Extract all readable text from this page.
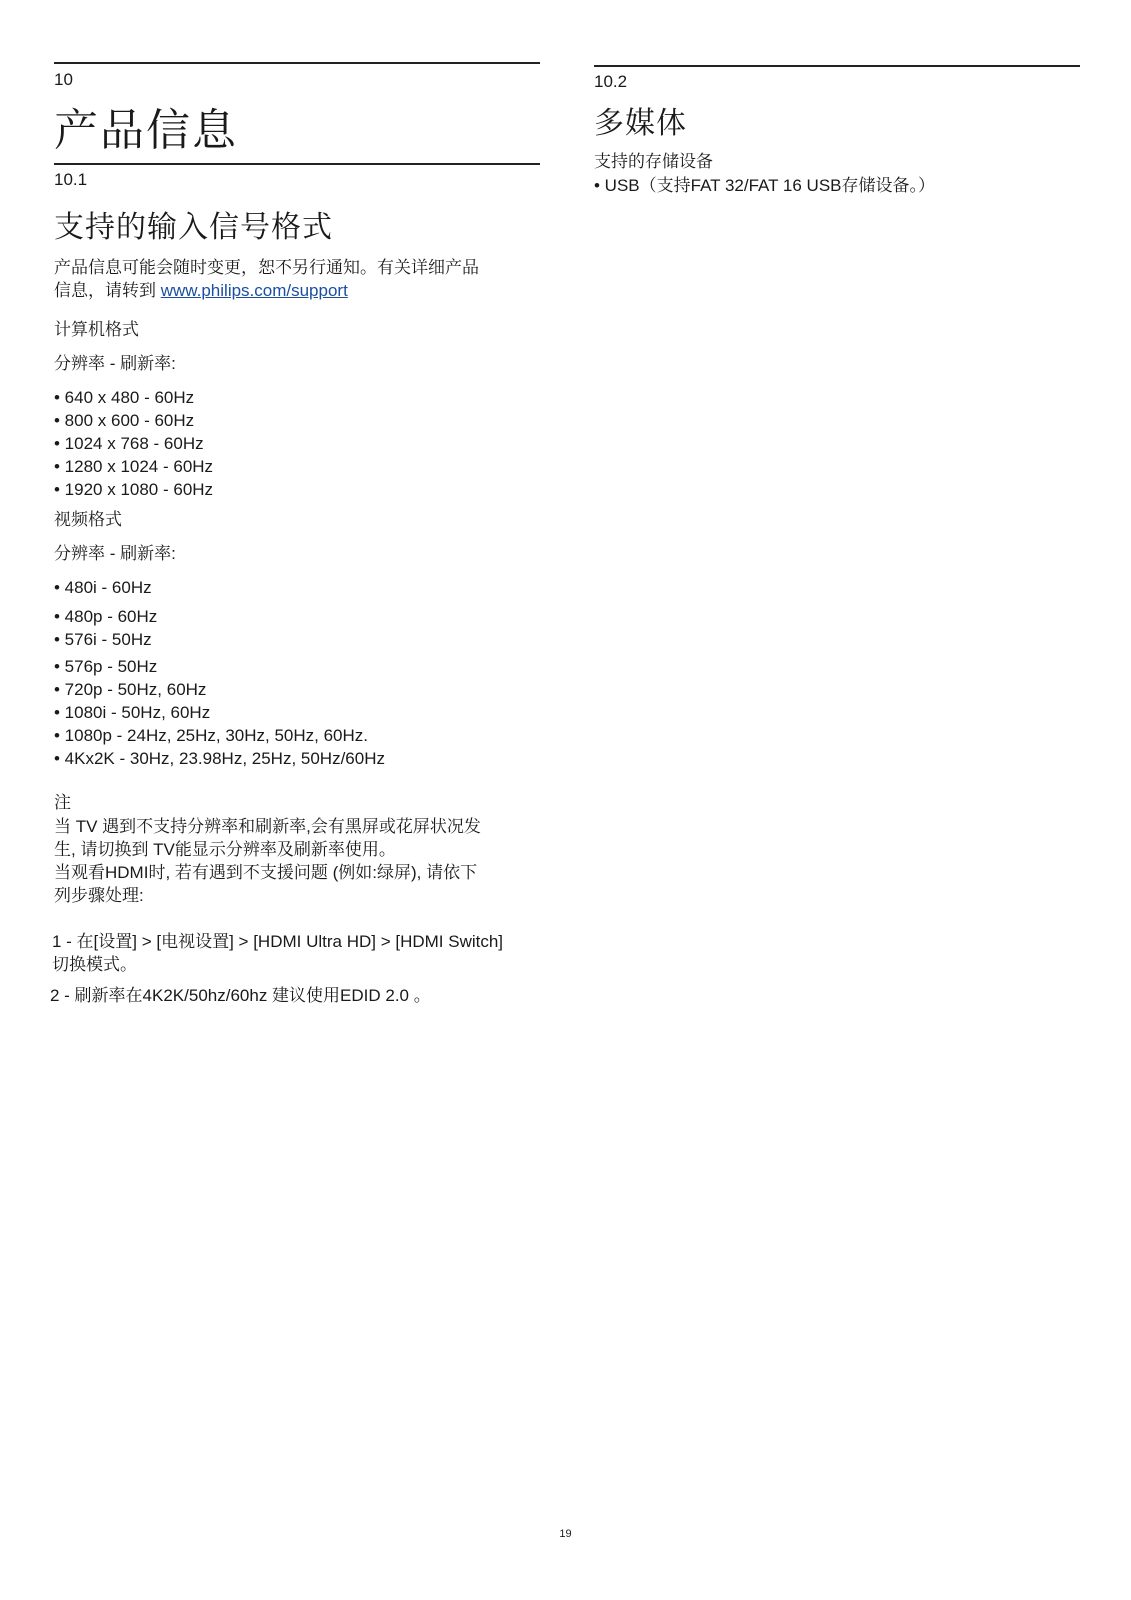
10
产品信息
10.1
支持的输入信号格式
产品信息可能会随时变更，恕不另行通知。有关详细产品
信息，请转到 www.philips.com/support
计算机格式
分辨率 - 刷新率:
• 640 x 480 - 60Hz
• 800 x 600 - 60Hz
• 1024 x 768 - 60Hz
• 1280 x 1024 - 60Hz
• 1920 x 1080 - 60Hz
视频格式
分辨率 - 刷新率:
• 480i - 60Hz
• 480p - 60Hz
• 576i - 50Hz
• 576p - 50Hz
• 720p - 50Hz, 60Hz
• 1080i - 50Hz, 60Hz
• 1080p - 24Hz, 25Hz, 30Hz, 50Hz, 60Hz.
• 4Kx2K - 30Hz, 23.98Hz, 25Hz, 50Hz/60Hz
注
当 TV 遇到不支持分辨率和刷新率,会有黑屏或花屏状况发
生, 请切换到 TV能显示分辨率及刷新率使用。
当观看HDMI时, 若有遇到不支援问题 (例如:绿屏), 请依下
列步骤处理:
1 - 在[设置] > [电视设置] > [HDMI Ultra HD] > [HDMI Switch]
切换模式。
2 - 刷新率在4K2K/50hz/60hz 建议使用EDID 2.0 。
10.2
多媒体
支持的存储设备
• USB（支持FAT 32/FAT 16 USB存储设备。）
19
